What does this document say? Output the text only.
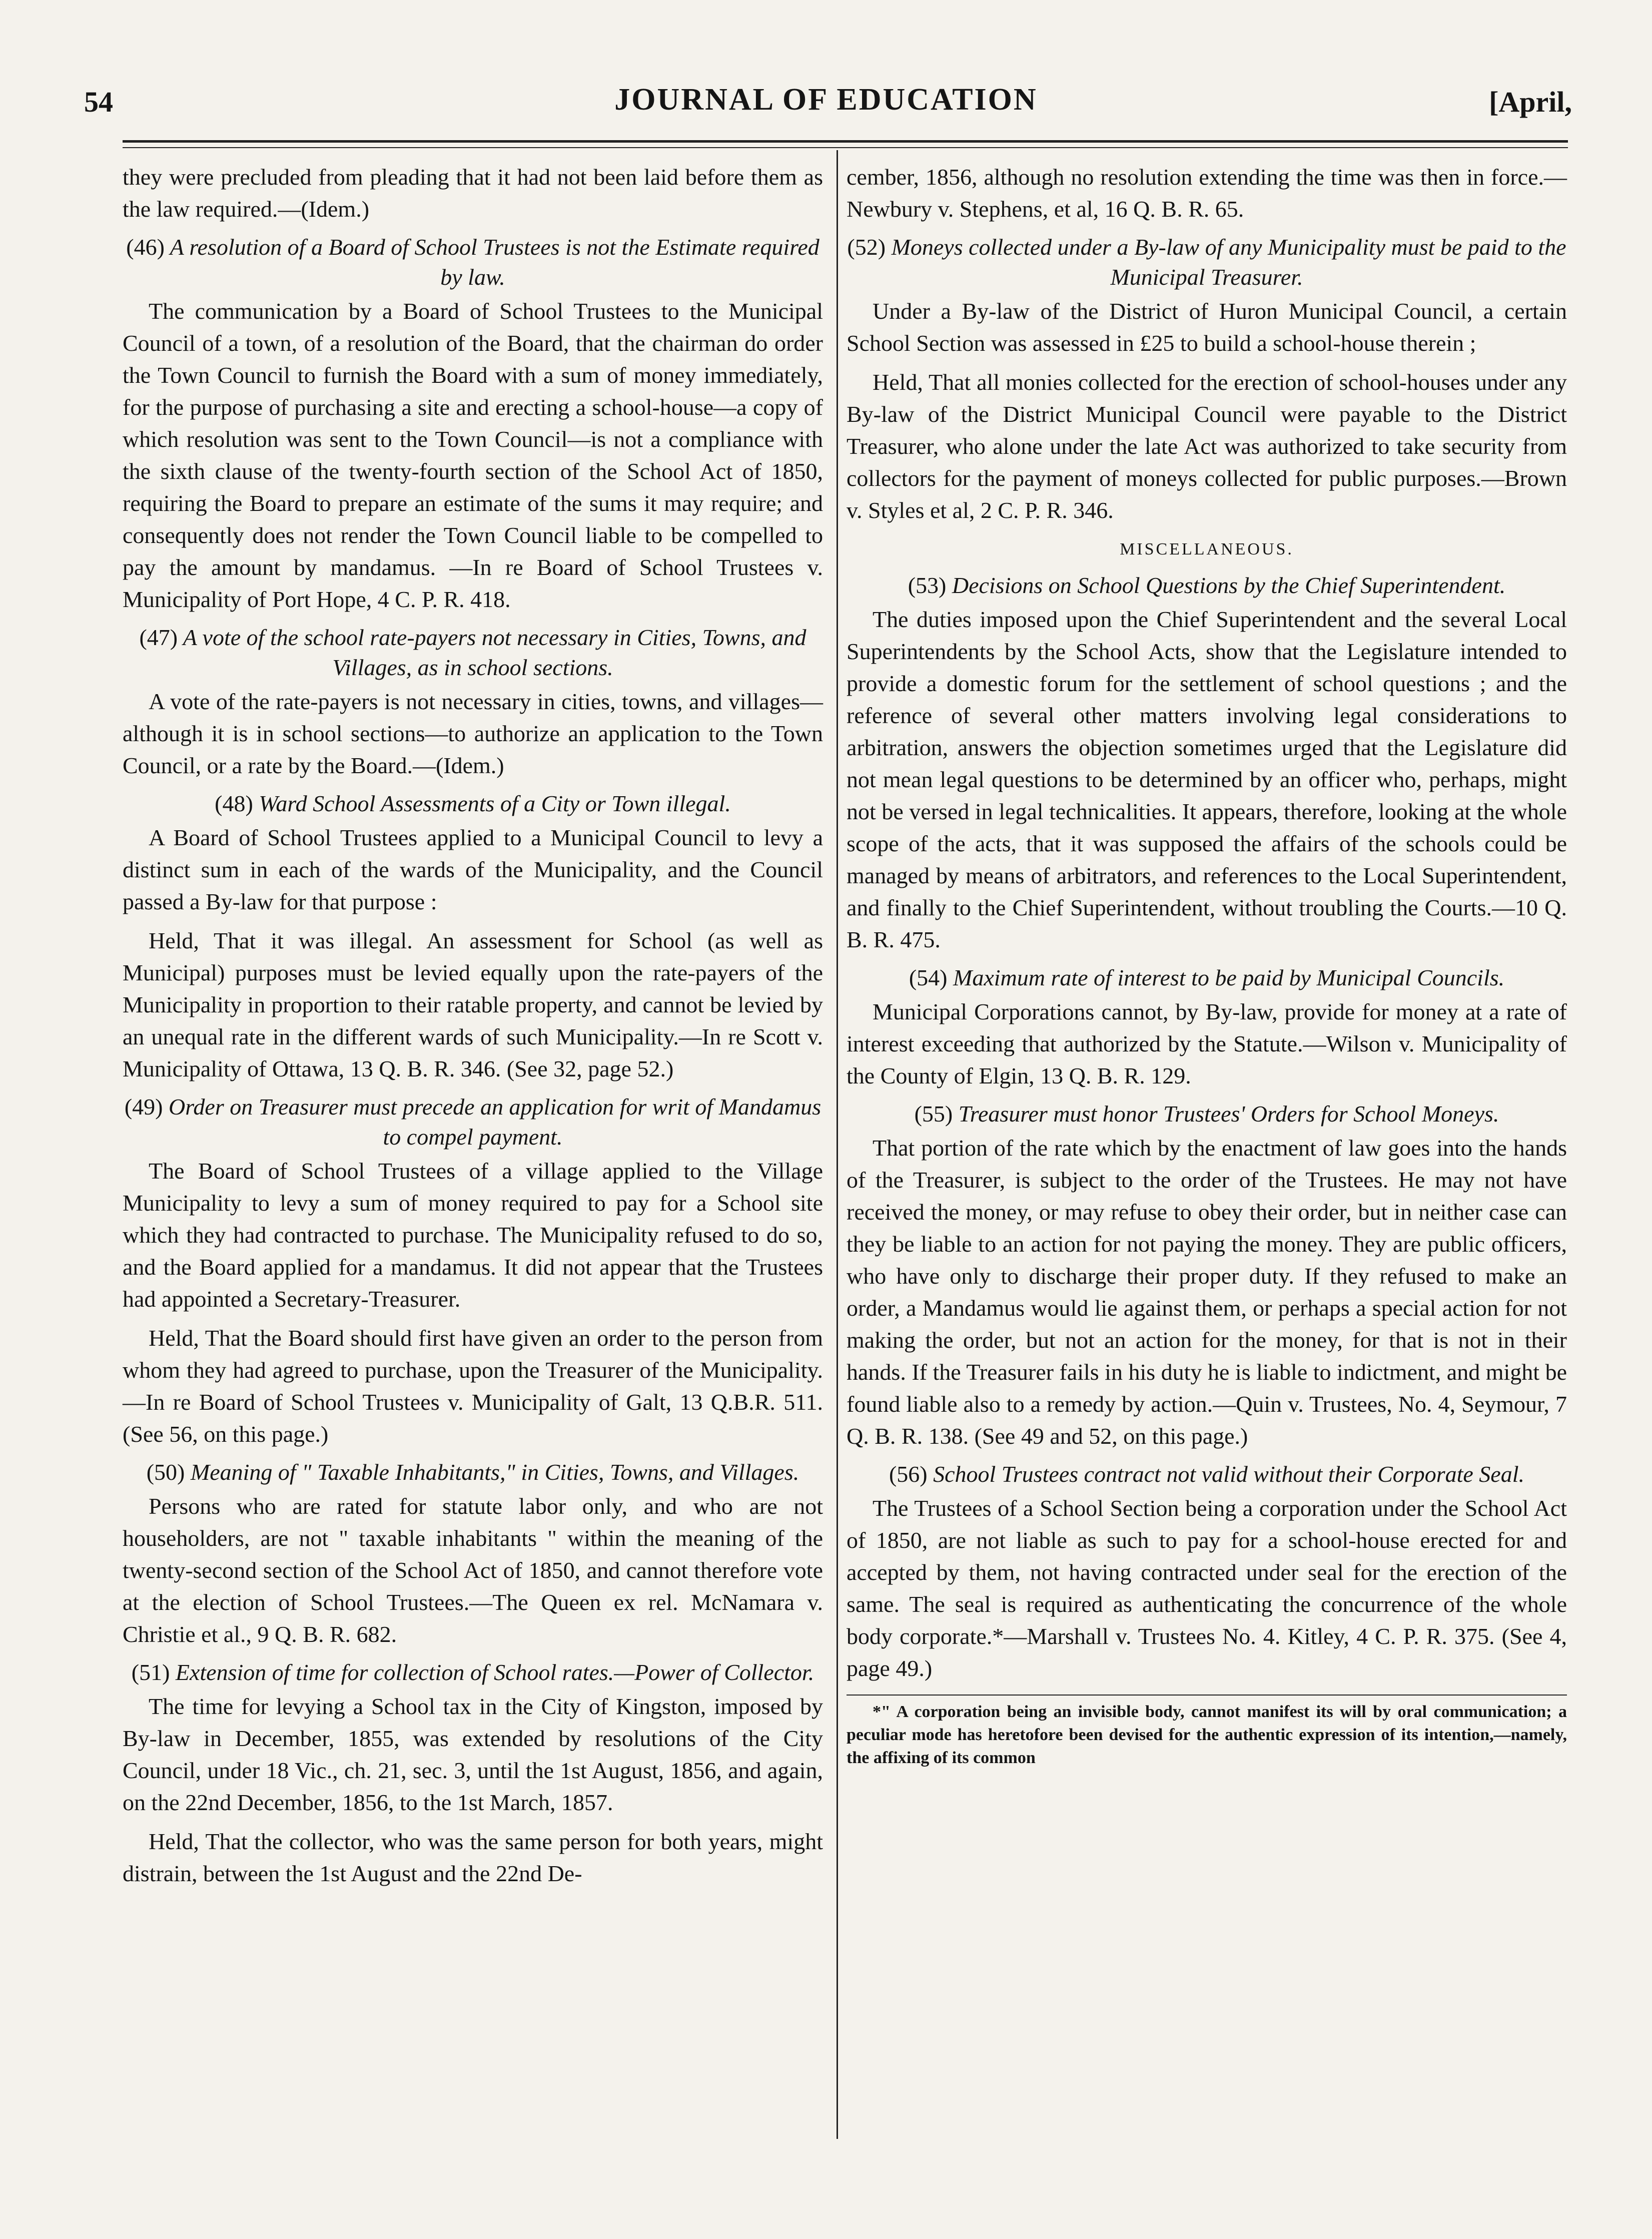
54	JOURNAL OF EDUCATION	[April,

they were precluded from pleading that it had not been laid before them as the law required.—(Idem.)

(46) A resolution of a Board of School Trustees is not the Estimate required by law.

The communication by a Board of School Trustees to the Municipal Council of a town, of a resolution of the Board, that the chairman do order the Town Council to furnish the Board with a sum of money immediately, for the purpose of purchasing a site and erecting a school-house—a copy of which resolution was sent to the Town Council—is not a compliance with the sixth clause of the twenty-fourth section of the School Act of 1850, requiring the Board to prepare an estimate of the sums it may require; and consequently does not render the Town Council liable to be compelled to pay the amount by mandamus. —In re Board of School Trustees v. Municipality of Port Hope, 4 C. P. R. 418.

(47) A vote of the school rate-payers not necessary in Cities, Towns, and Villages, as in school sections.

A vote of the rate-payers is not necessary in cities, towns, and villages—although it is in school sections—to authorize an application to the Town Council, or a rate by the Board.—(Idem.)

(48) Ward School Assessments of a City or Town illegal.

A Board of School Trustees applied to a Municipal Council to levy a distinct sum in each of the wards of the Municipality, and the Council passed a By-law for that purpose :

Held, That it was illegal. An assessment for School (as well as Municipal) purposes must be levied equally upon the rate-payers of the Municipality in proportion to their ratable property, and cannot be levied by an unequal rate in the different wards of such Municipality.—In re Scott v. Municipality of Ottawa, 13 Q. B. R. 346. (See 32, page 52.)

(49) Order on Treasurer must precede an application for writ of Mandamus to compel payment.

The Board of School Trustees of a village applied to the Village Municipality to levy a sum of money required to pay for a School site which they had contracted to purchase. The Municipality refused to do so, and the Board applied for a mandamus. It did not appear that the Trustees had appointed a Secretary-Treasurer.

Held, That the Board should first have given an order to the person from whom they had agreed to purchase, upon the Treasurer of the Municipality.—In re Board of School Trustees v. Municipality of Galt, 13 Q.B.R. 511. (See 56, on this page.)

(50) Meaning of " Taxable Inhabitants," in Cities, Towns, and Villages.

Persons who are rated for statute labor only, and who are not householders, are not " taxable inhabitants " within the meaning of the twenty-second section of the School Act of 1850, and cannot therefore vote at the election of School Trustees.—The Queen ex rel. McNamara v. Christie et al., 9 Q. B. R. 682.

(51) Extension of time for collection of School rates.—Power of Collector.

The time for levying a School tax in the City of Kingston, imposed by By-law in December, 1855, was extended by resolutions of the City Council, under 18 Vic., ch. 21, sec. 3, until the 1st August, 1856, and again, on the 22nd December, 1856, to the 1st March, 1857.

Held, That the collector, who was the same person for both years, might distrain, between the 1st August and the 22nd De-

cember, 1856, although no resolution extending the time was then in force.—Newbury v. Stephens, et al, 16 Q. B. R. 65.

(52) Moneys collected under a By-law of any Municipality must be paid to the Municipal Treasurer.

Under a By-law of the District of Huron Municipal Council, a certain School Section was assessed in £25 to build a school-house therein ;

Held, That all monies collected for the erection of school-houses under any By-law of the District Municipal Council were payable to the District Treasurer, who alone under the late Act was authorized to take security from collectors for the payment of moneys collected for public purposes.—Brown v. Styles et al, 2 C. P. R. 346.

MISCELLANEOUS.
(53) Decisions on School Questions by the Chief Superintendent.

The duties imposed upon the Chief Superintendent and the several Local Superintendents by the School Acts, show that the Legislature intended to provide a domestic forum for the settlement of school questions ; and the reference of several other matters involving legal considerations to arbitration, answers the objection sometimes urged that the Legislature did not mean legal questions to be determined by an officer who, perhaps, might not be versed in legal technicalities. It appears, therefore, looking at the whole scope of the acts, that it was supposed the affairs of the schools could be managed by means of arbitrators, and references to the Local Superintendent, and finally to the Chief Superintendent, without troubling the Courts.—10 Q. B. R. 475.

(54) Maximum rate of interest to be paid by Municipal Councils.

Municipal Corporations cannot, by By-law, provide for money at a rate of interest exceeding that authorized by the Statute.—Wilson v. Municipality of the County of Elgin, 13 Q. B. R. 129.

(55) Treasurer must honor Trustees' Orders for School Moneys.

That portion of the rate which by the enactment of law goes into the hands of the Treasurer, is subject to the order of the Trustees. He may not have received the money, or may refuse to obey their order, but in neither case can they be liable to an action for not paying the money. They are public officers, who have only to discharge their proper duty. If they refused to make an order, a Mandamus would lie against them, or perhaps a special action for not making the order, but not an action for the money, for that is not in their hands. If the Treasurer fails in his duty he is liable to indictment, and might be found liable also to a remedy by action.—Quin v. Trustees, No. 4, Seymour, 7 Q. B. R. 138. (See 49 and 52, on this page.)

(56) School Trustees contract not valid without their Corporate Seal.

The Trustees of a School Section being a corporation under the School Act of 1850, are not liable as such to pay for a school-house erected for and accepted by them, not having contracted under seal for the erection of the same. The seal is required as authenticating the concurrence of the whole body corporate.*—Marshall v. Trustees No. 4. Kitley, 4 C. P. R. 375. (See 4, page 49.)

*" A corporation being an invisible body, cannot manifest its will by oral communication; a peculiar mode has heretofore been devised for the authentic expression of its intention,—namely, the affixing of its common
